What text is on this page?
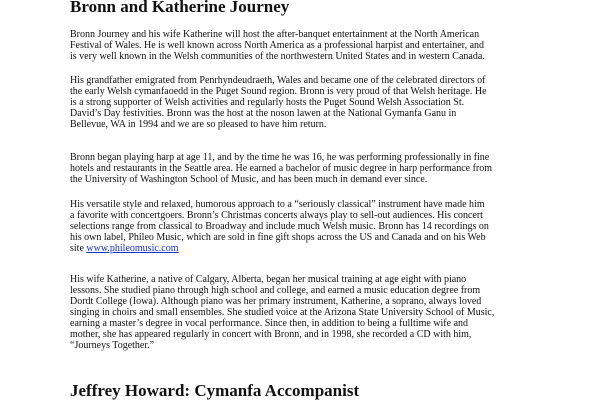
Bronn and Katherine Journey
Bronn Journey and his wife Katherine will host the after-banquet entertainment at the North American
Festival of Wales. He is well known across North America as a professional harpist and entertainer, and
is very well known in the Welsh communities of the northwestern United States and in western Canada.
His grandfather emigrated from Penrhyndeudraeth, Wales and became one of the celebrated directors of
the early Welsh cymanfaoedd in the Puget Sound region. Bronn is very proud of that Welsh heritage. He
is a strong supporter of Welsh activities and regularly hosts the Puget Sound Welsh Association St.
David’s Day festivities. Bronn was the host at the noson lawen at the National Gymanfa Ganu in
Bellevue, WA in 1994 and we are so pleased to have him return.
Bronn began playing harp at age 11, and by the time he was 16, he was performing professionally in fine
hotels and restaurants in the Seattle area. He earned a bachelor of music degree in harp performance from
the University of Washington School of Music, and has been much in demand ever since.
His versatile style and relaxed, humorous approach to a “seriously classical” instrument have made him
a favorite with concertgoers. Bronn’s Christmas concerts always play to sell-out audiences. His concert
selections range from classical to Broadway and include much Welsh music. Bronn has 14 recordings on
his own label, Phileo Music, which are sold in fine gift shops across the US and Canada and on his Web
site www.phileomusic.com
His wife Katherine, a native of Calgary, Alberta, began her musical training at age eight with piano
lessons. She studied piano through high school and college, and earned a music education degree from
Dordt College (Iowa). Although piano was her primary instrument, Katherine, a soprano, always loved
singing in choirs and small ensembles. She studied voice at the Arizona State University School of Music,
earning a master’s degree in vocal performance. Since then, in addition to being a fulltime wife and
mother, she has appeared regularly in concert with Bronn, and in 1998, she recorded a CD with him,
“Journeys Together.”
Jeffrey Howard: Cymanfa Accompanist
